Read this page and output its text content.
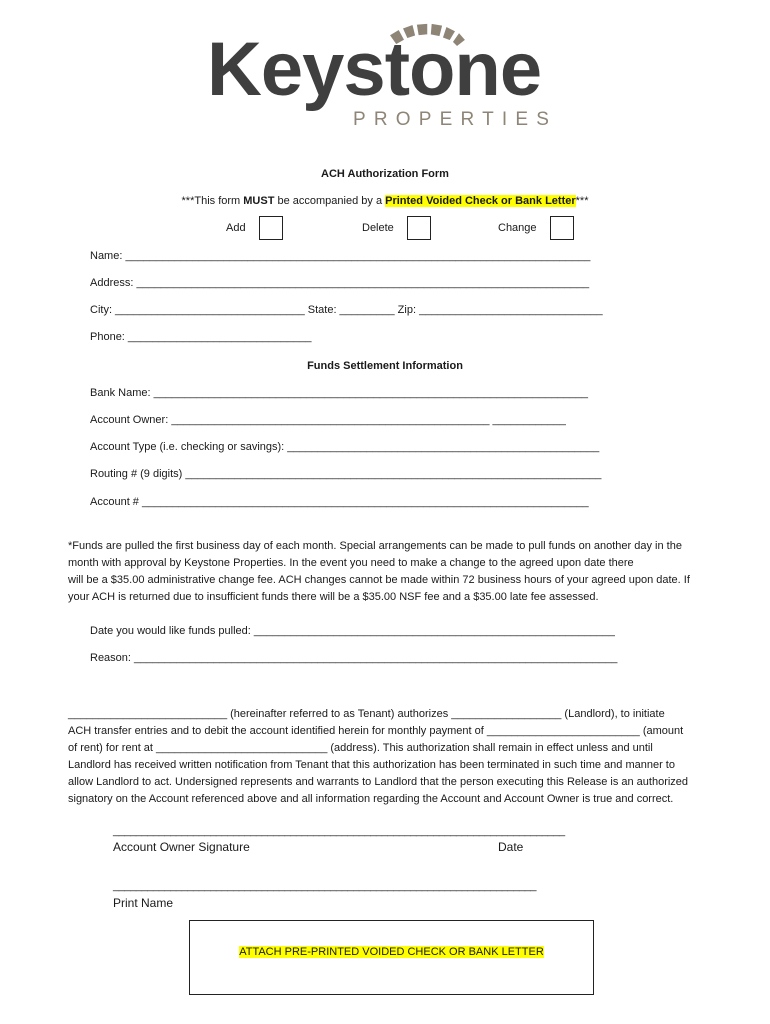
Keystone
PROPERTIES
ACH Authorization Form
***This form MUST be accompanied by a Printed Voided Check or Bank Letter***
Add	Delete	Change
Name: ____________________________________________________________________________
Address: __________________________________________________________________________
City: _______________________________ State: _________ Zip: ______________________________
Phone: ______________________________
Funds Settlement Information
Bank Name: _______________________________________________________________________
Account Owner: ____________________________________________________ ____________
Account Type (i.e. checking or savings): ___________________________________________________
Routing # (9 digits) ____________________________________________________________________
Account # _________________________________________________________________________
*Funds are pulled the first business day of each month. Special arrangements can be made to pull funds on another day in the
month with approval by Keystone Properties. In the event you need to make a change to the agreed upon date there
will be a $35.00 administrative change fee. ACH changes cannot be made within 72 business hours of your agreed upon date. If
your ACH is returned due to insufficient funds there will be a $35.00 NSF fee and a $35.00 late fee assessed.
Date you would like funds pulled: ___________________________________________________________
Reason: _______________________________________________________________________________
__________________________ (hereinafter referred to as Tenant) authorizes __________________ (Landlord), to initiate
ACH transfer entries and to debit the account identified herein for monthly payment of _________________________ (amount
of rent) for rent at ____________________________ (address). This authorization shall remain in effect unless and until
Landlord has received written notification from Tenant that this authorization has been terminated in such time and manner to
allow Landlord to act. Undersigned represents and warrants to Landlord that the person executing this Release is an authorized
signatory on the Account referenced above and all information regarding the Account and Account Owner is true and correct.
_______________________________________________________________________________
Account Owner Signature	Date
__________________________________________________________________________
Print Name
ATTACH PRE-PRINTED VOIDED CHECK OR BANK LETTER
